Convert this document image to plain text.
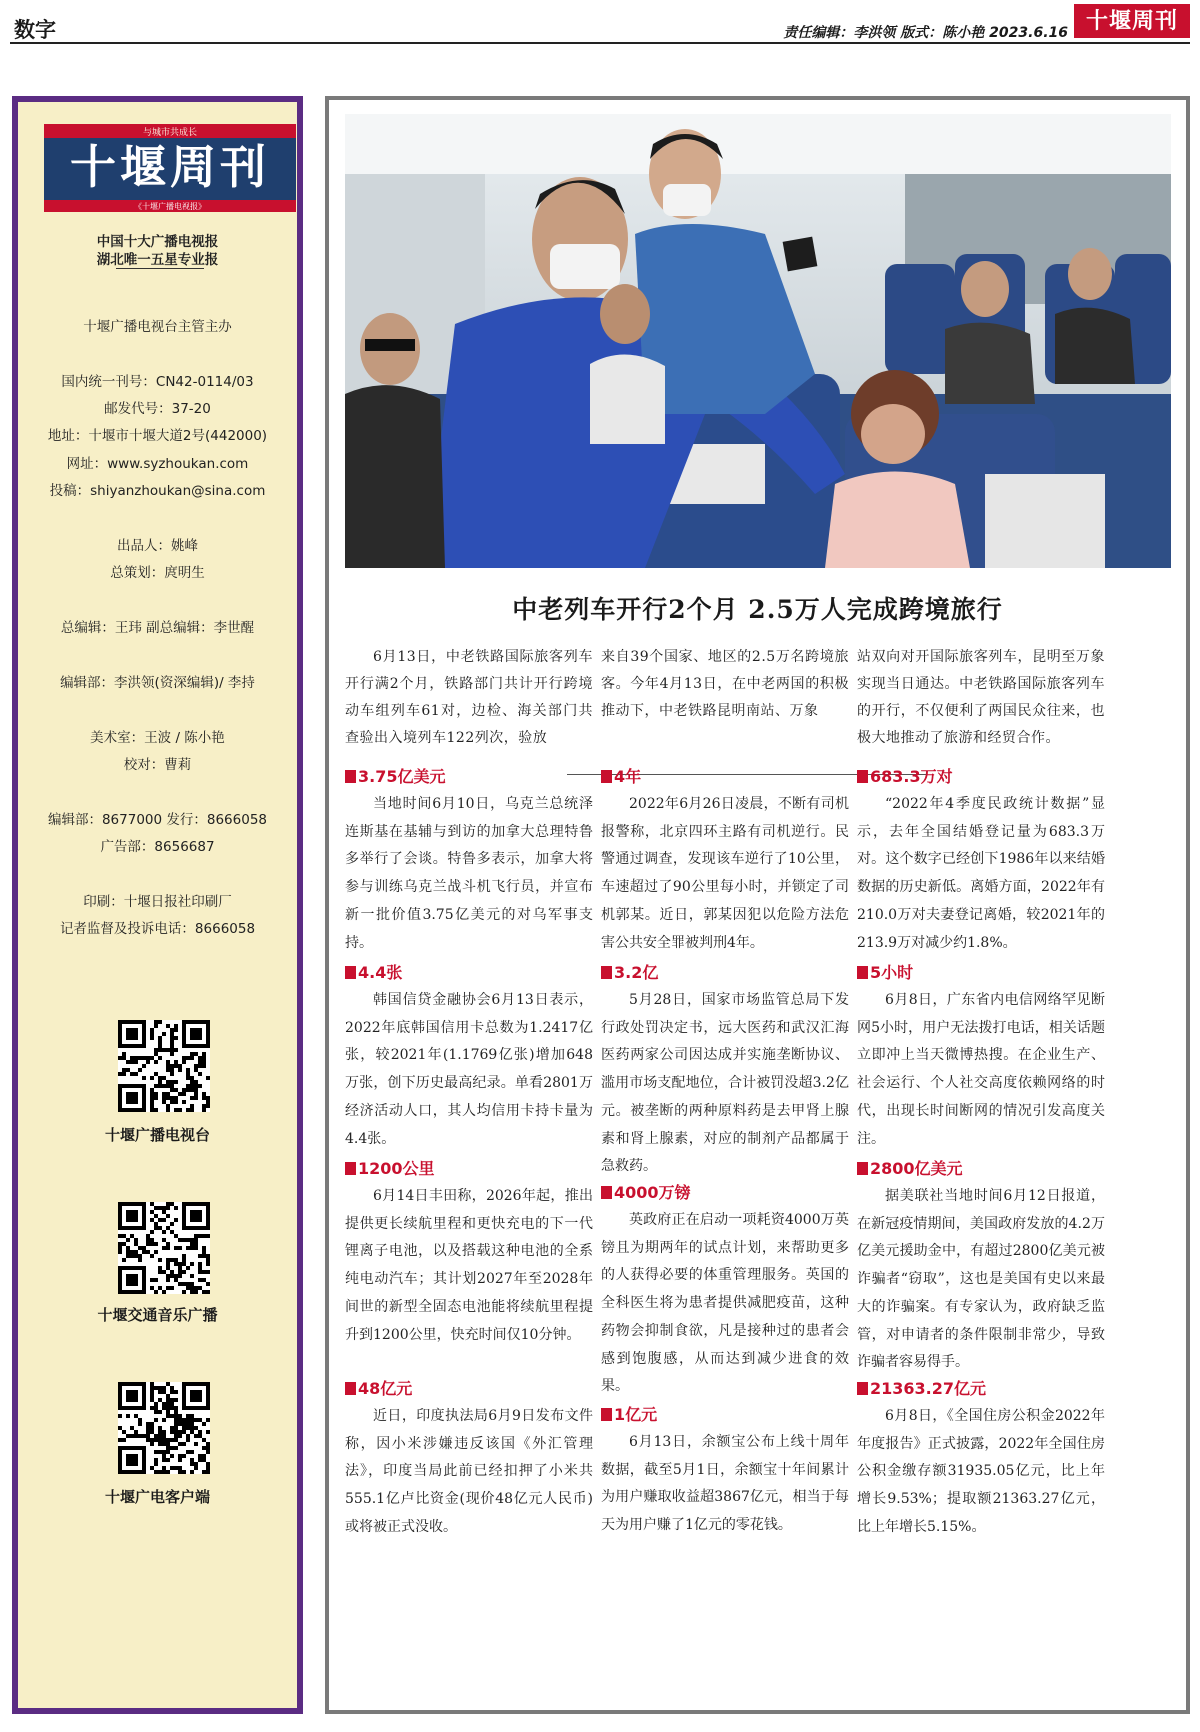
数字	责任编辑：李洪领 版式：陈小艳 2023.6.16 十堰周刊
与城市共成长
十堰周刊
《十堰广播电视报》
中国十大广播电视报
湖北唯一五星专业报
十堰广播电视台主管主办
国内统一刊号：CN42-0114/03
邮发代号：37-20
地址：十堰市十堰大道2号(442000)
网址：www.syzhoukan.com
投稿：shiyanzhoukan@sina.com
出品人：姚峰
总策划：庹明生
总编辑：王玮 副总编辑：李世醒
编辑部：李洪领(资深编辑)/ 李持
美术室：王波 / 陈小艳
校对：曹莉
编辑部：8677000 发行：8666058
广告部：8656687
印刷：十堰日报社印刷厂
记者监督及投诉电话：8666058
十堰广播电视台
十堰交通音乐广播
十堰广电客户端
中老列车开行2个月 2.5万人完成跨境旅行
6月13日，中老铁路国际旅客列车开行满2个月，铁路部门共计开行跨境动车组列车61对，边检、海关部门共查验出入境列车122列次，验放
来自39个国家、地区的2.5万名跨境旅客。今年4月13日，在中老两国的积极推动下，中老铁路昆明南站、万象
站双向对开国际旅客列车，昆明至万象实现当日通达。中老铁路国际旅客列车的开行，不仅便利了两国民众往来，也极大地推动了旅游和经贸合作。
3.75亿美元
当地时间6月10日，乌克兰总统泽连斯基在基辅与到访的加拿大总理特鲁多举行了会谈。特鲁多表示，加拿大将参与训练乌克兰战斗机飞行员，并宣布新一批价值3.75亿美元的对乌军事支持。
4年
2022年6月26日凌晨，不断有司机报警称，北京四环主路有司机逆行。民警通过调查，发现该车逆行了10公里，车速超过了90公里每小时，并锁定了司机郭某。近日，郭某因犯以危险方法危害公共安全罪被判刑4年。
683.3万对
“2022年4季度民政统计数据”显示，去年全国结婚登记量为683.3万对。这个数字已经创下1986年以来结婚数据的历史新低。离婚方面，2022年有210.0万对夫妻登记离婚，较2021年的213.9万对减少约1.8%。
4.4张
韩国信贷金融协会6月13日表示，2022年底韩国信用卡总数为1.2417亿张，较2021年(1.1769亿张)增加648万张，创下历史最高纪录。单看2801万经济活动人口，其人均信用卡持卡量为4.4张。
3.2亿
5月28日，国家市场监管总局下发行政处罚决定书，远大医药和武汉汇海医药两家公司因达成并实施垄断协议、滥用市场支配地位，合计被罚没超3.2亿元。被垄断的两种原料药是去甲肾上腺素和肾上腺素，对应的制剂产品都属于急救药。
5小时
6月8日，广东省内电信网络罕见断网5小时，用户无法拨打电话，相关话题立即冲上当天微博热搜。在企业生产、社会运行、个人社交高度依赖网络的时代，出现长时间断网的情况引发高度关注。
1200公里
6月14日丰田称，2026年起，推出提供更长续航里程和更快充电的下一代锂离子电池，以及搭载这种电池的全系纯电动汽车；其计划2027年至2028年间世的新型全固态电池能将续航里程提升到1200公里，快充时间仅10分钟。
4000万镑
英政府正在启动一项耗资4000万英镑且为期两年的试点计划，来帮助更多的人获得必要的体重管理服务。英国的全科医生将为患者提供减肥疫苗，这种药物会抑制食欲，凡是接种过的患者会感到饱腹感，从而达到减少进食的效果。
2800亿美元
据美联社当地时间6月12日报道，在新冠疫情期间，美国政府发放的4.2万亿美元援助金中，有超过2800亿美元被诈骗者“窃取”，这也是美国有史以来最大的诈骗案。有专家认为，政府缺乏监管，对申请者的条件限制非常少，导致诈骗者容易得手。
48亿元
近日，印度执法局6月9日发布文件称，因小米涉嫌违反该国《外汇管理法》，印度当局此前已经扣押了小米共555.1亿卢比资金(现价48亿元人民币)或将被正式没收。
1亿元
6月13日，余额宝公布上线十周年数据，截至5月1日，余额宝十年间累计为用户赚取收益超3867亿元，相当于每天为用户赚了1亿元的零花钱。
21363.27亿元
6月8日，《全国住房公积金2022年年度报告》正式披露，2022年全国住房公积金缴存额31935.05亿元，比上年增长9.53%；提取额21363.27亿元，比上年增长5.15%。
